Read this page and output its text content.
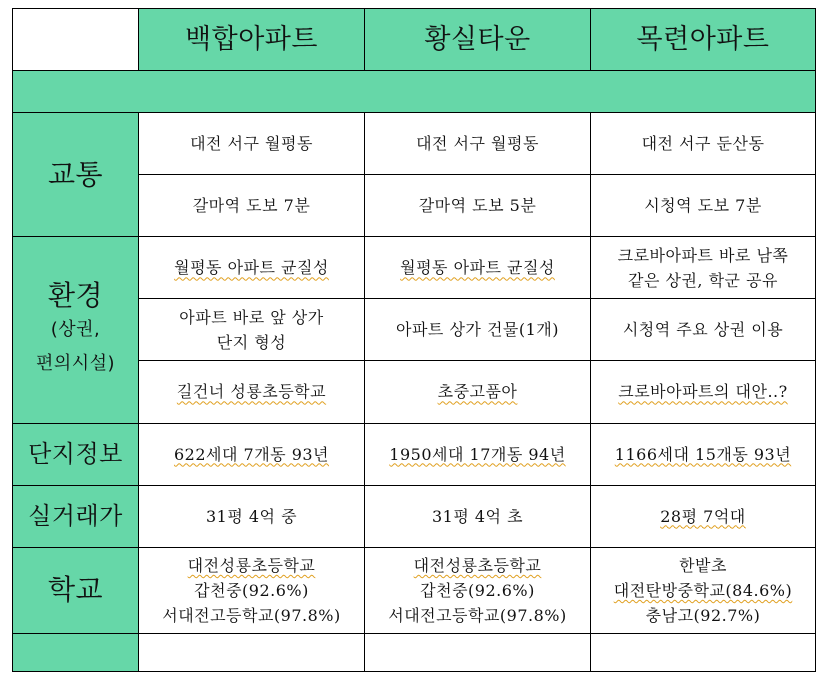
	백합아파트	황실타운	목련아파트

교통	대전 서구 월평동	대전 서구 월평동	대전 서구 둔산동
	갈마역 도보 7분	갈마역 도보 5분	시청역 도보 7분

환경
(상권,
편의시설)	월평동 아파트 균질성	월평동 아파트 균질성	크로바아파트 바로 남쪽
같은 상권, 학군 공유

	아파트 바로 앞 상가
단지 형성	아파트 상가 건물(1개)	시청역 주요 상권 이용
	길건너 성룡초등학교	초중고품아	크로바아파트의 대안..?
단지정보	622세대 7개동 93년	1950세대 17개동 94년	1166세대 15개동 93년
실거래가	31평 4억 중	31평 4억 초	28평 7억대
학교	대전성룡초등학교
갑천중(92.6%)
서대전고등학교(97.8%)	대전성룡초등학교
갑천중(92.6%)
서대전고등학교(97.8%)	한밭초
대전탄방중학교(84.6%)
충남고(92.7%)
